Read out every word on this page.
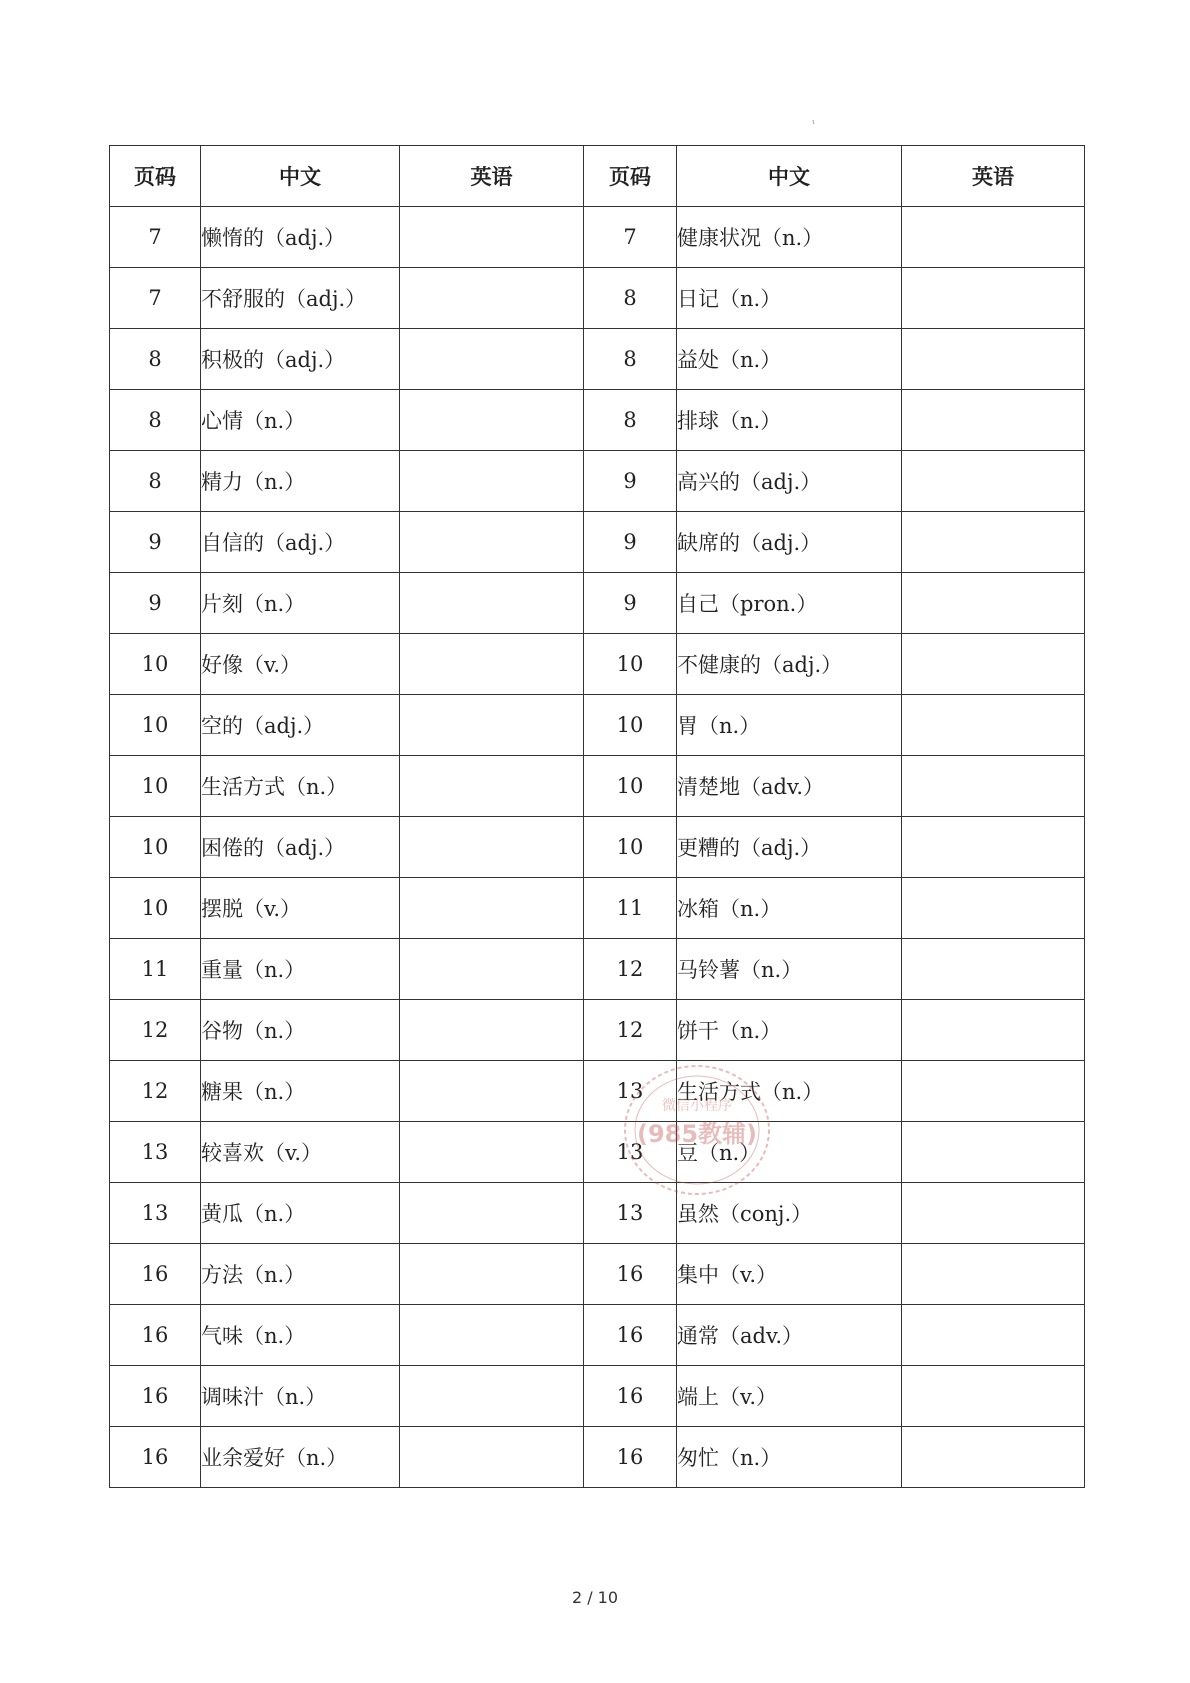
ι
页码	中文	英语	页码	中文	英语
7	懒惰的（adj.）		7	健康状况（n.）	
7	不舒服的（adj.）		8	日记（n.）	
8	积极的（adj.）		8	益处（n.）	
8	心情（n.）		8	排球（n.）	
8	精力（n.）		9	高兴的（adj.）	
9	自信的（adj.）		9	缺席的（adj.）	
9	片刻（n.）		9	自己（pron.）	
10	好像（v.）		10	不健康的（adj.）	
10	空的（adj.）		10	胃（n.）	
10	生活方式（n.）		10	清楚地（adv.）	
10	困倦的（adj.）		10	更糟的（adj.）	
10	摆脱（v.）		11	冰箱（n.）	
11	重量（n.）		12	马铃薯（n.）	
12	谷物（n.）		12	饼干（n.）	
12	糖果（n.）		13	生活方式（n.）	
13	较喜欢（v.）		13	豆（n.）	
13	黄瓜（n.）		13	虽然（conj.）	
16	方法（n.）		16	集中（v.）	
16	气味（n.）		16	通常（adv.）	
16	调味汁（n.）		16	端上（v.）	
16	业余爱好（n.）		16	匆忙（n.）	
微信小程序
(985教辅)
2 / 10
